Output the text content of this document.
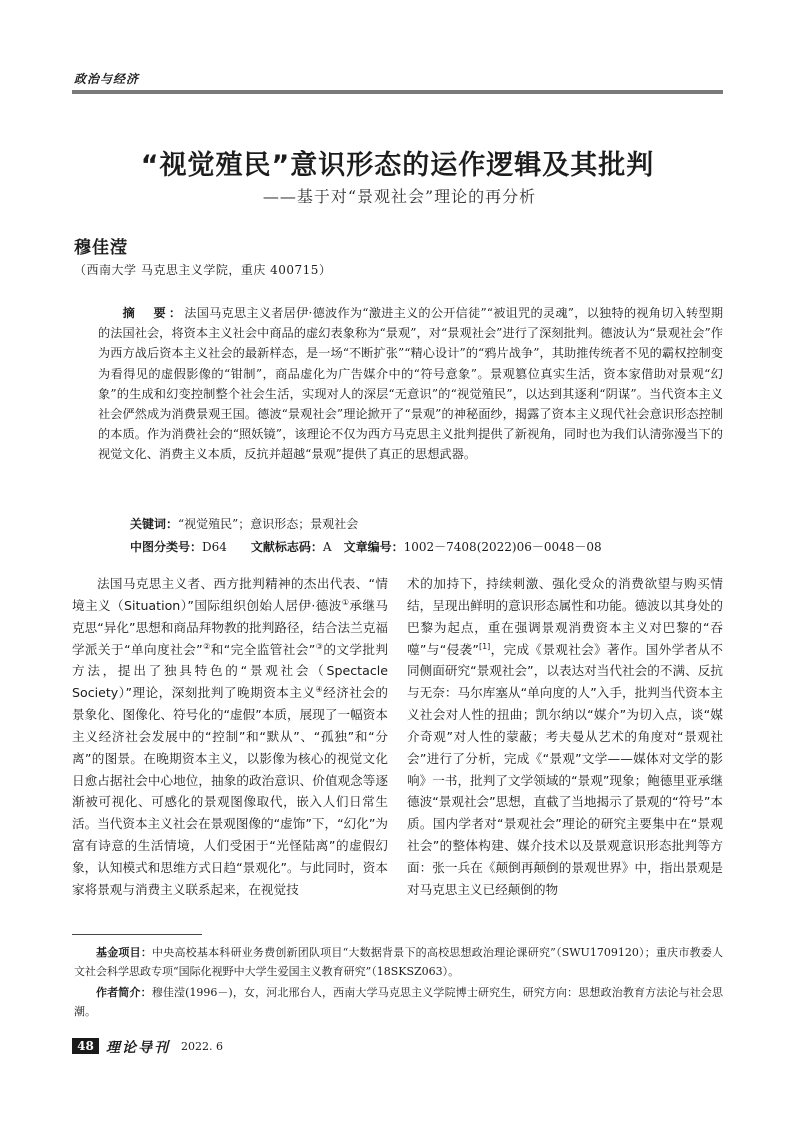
政治与经济
“视觉殖民”意识形态的运作逻辑及其批判
——基于对“景观社会”理论的再分析
穆佳滢
（西南大学 马克思主义学院，重庆 400715）
  摘　要：法国马克思主义者居伊·德波作为“激进主义的公开信徒”“被诅咒的灵魂”，以独特的视角切入转型期的法国社会，将资本主义社会中商品的虚幻表象称为“景观”，对“景观社会”进行了深刻批判。德波认为“景观社会”作为西方战后资本主义社会的最新样态，是一场“不断扩张”“精心设计”的“鸦片战争”，其助推传统者不见的霸权控制变为看得见的虚假影像的“钳制”，商品虚化为广告媒介中的“符号意象”。景观篡位真实生活，资本家借助对景观“幻象”的生成和幻变控制整个社会生活，实现对人的深层“无意识”的“视觉殖民”，以达到其逐利“阴谋”。当代资本主义社会俨然成为消费景观王国。德波“景观社会”理论掀开了“景观”的神秘面纱，揭露了资本主义现代社会意识形态控制的本质。作为消费社会的“照妖镜”，该理论不仅为西方马克思主义批判提供了新视角，同时也为我们认清弥漫当下的视觉文化、消费主义本质，反抗并超越“景观”提供了真正的思想武器。
关键词：“视觉殖民”；意识形态；景观社会
中图分类号：D64   文献标志码：A  文章编号：1002－7408(2022)06－0048－08

法国马克思主义者、西方批判精神的杰出代表、“情境主义（Situation）”国际组织创始人居伊·德波①承继马克思“异化”思想和商品拜物教的批判路径，结合法兰克福学派关于“单向度社会”②和“完全监管社会”③的文学批判方法，提出了独具特色的“景观社会（Spectacle Society）”理论，深刻批判了晚期资本主义④经济社会的景象化、图像化、符号化的“虚假”本质，展现了一幅资本主义经济社会发展中的“控制”和“默从”、“孤独”和“分离”的图景。在晚期资本主义，以影像为核心的视觉文化日愈占据社会中心地位，抽象的政治意识、价值观念等逐渐被可视化、可感化的景观图像取代，嵌入人们日常生活。当代资本主义社会在景观图像的“虚饰”下，“幻化”为富有诗意的生活情境，人们受困于“光怪陆离”的虚假幻象，认知模式和思维方式日趋“景观化”。与此同时，资本家将景观与消费主义联系起来，在视觉技

术的加持下，持续刺激、强化受众的消费欲望与购买情结，呈现出鲜明的意识形态属性和功能。德波以其身处的巴黎为起点，重在强调景观消费资本主义对巴黎的“吞噬”与“侵袭”[1]，完成《景观社会》著作。国外学者从不同侧面研究“景观社会”，以表达对当代社会的不满、反抗与无奈：马尔库塞从“单向度的人”入手，批判当代资本主义社会对人性的扭曲；凯尔纳以“媒介”为切入点，谈“媒介奇观”对人性的蒙蔽；考夫曼从艺术的角度对“景观社会”进行了分析，完成《“景观”文学——媒体对文学的影响》一书，批判了文学领域的“景观”现象；鲍德里亚承继德波“景观社会”思想，直截了当地揭示了景观的“符号”本质。国内学者对“景观社会”理论的研究主要集中在“景观社会”的整体构建、媒介技术以及景观意识形态批判等方面：张一兵在《颠倒再颠倒的景观世界》中，指出景观是对马克思主义已经颠倒的物

基金项目：中央高校基本科研业务费创新团队项目“大数据背景下的高校思想政治理论课研究”（SWU1709120）；重庆市教委人文社会科学思政专项“国际化视野中大学生爱国主义教育研究”（18SKSZ063）。

作者简介：穆佳滢(1996－)，女，河北邢台人，西南大学马克思主义学院博士研究生，研究方向：思想政治教育方法论与社会思潮。

48 理论导刊 2022. 6
